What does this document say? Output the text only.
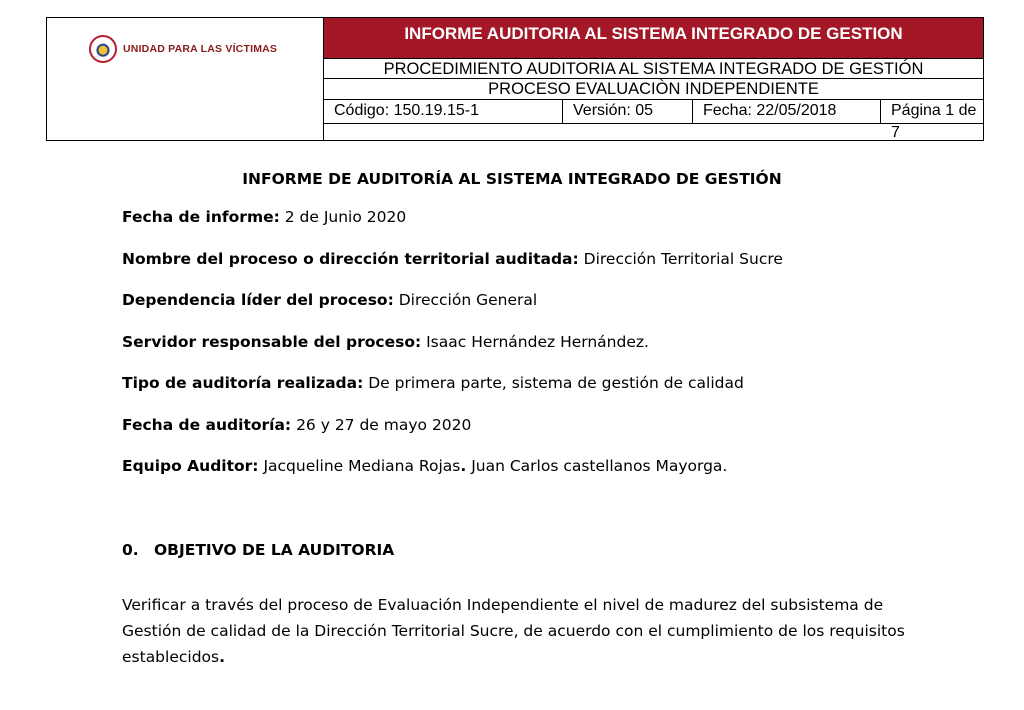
UNIDAD PARA LAS VÍCTIMAS
INFORME AUDITORIA AL SISTEMA INTEGRADO DE GESTION
PROCEDIMIENTO AUDITORIA AL SISTEMA INTEGRADO DE GESTIÓN
PROCESO EVALUACIÒN INDEPENDIENTE
Código: 150.19.15-1	Versión: 05	Fecha: 22/05/2018	Página 1 de 7
INFORME DE AUDITORÍA AL SISTEMA INTEGRADO DE GESTIÓN
Fecha de informe: 2 de Junio 2020
Nombre del proceso o dirección territorial auditada: Dirección Territorial Sucre
Dependencia líder del proceso: Dirección General
Servidor responsable del proceso: Isaac Hernández Hernández.
Tipo de auditoría realizada: De primera parte, sistema de gestión de calidad
Fecha de auditoría: 26 y 27 de mayo 2020
Equipo Auditor: Jacqueline Mediana Rojas. Juan Carlos castellanos Mayorga.
0. OBJETIVO DE LA AUDITORIA
Verificar a través del proceso de Evaluación Independiente el nivel de madurez del subsistema de Gestión de calidad de la Dirección Territorial Sucre, de acuerdo con el cumplimiento de los requisitos establecidos.
